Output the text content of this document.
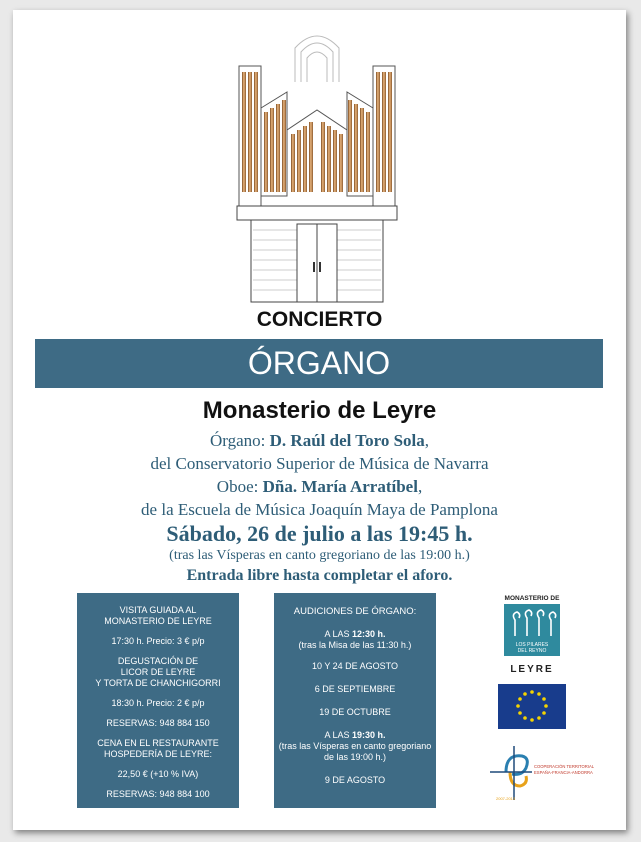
CONCIERTO
ÓRGANO
Monasterio de Leyre
Órgano: D. Raúl del Toro Sola,
del Conservatorio Superior de Música de Navarra
Oboe: Dña. María Arratíbel,
de la Escuela de Música Joaquín Maya de Pamplona
Sábado, 26 de julio a las 19:45 h.
(tras las Vísperas en canto gregoriano de las 19:00 h.)
Entrada libre hasta completar el aforo.

VISITA GUIADA AL
MONASTERIO DE LEYRE

17:30 h. Precio: 3 € p/p

DEGUSTACIÓN DE
LICOR DE LEYRE
Y TORTA DE CHANCHIGORRI

18:30 h. Precio: 2 € p/p

RESERVAS: 948 884 150

CENA EN EL RESTAURANTE
HOSPEDERÍA DE LEYRE:

22,50 € (+10 % IVA)

RESERVAS: 948 884 100

AUDICIONES DE ÓRGANO:

A LAS 12:30 h.

(tras la Misa de las 11:30 h.)

10 Y 24 DE AGOSTO

6 DE SEPTIEMBRE

19 DE OCTUBRE

A LAS 19:30 h.

(tras las Vísperas en canto gregoriano
de las 19:00 h.)

9 DE AGOSTO

MONASTERIO DE
LOS PILARES
DEL REYNO
LEYRE
COOPERACIÓN TERRITORIAL
ESPAÑA-FRANCIA-ANDORRA
2007-2013
